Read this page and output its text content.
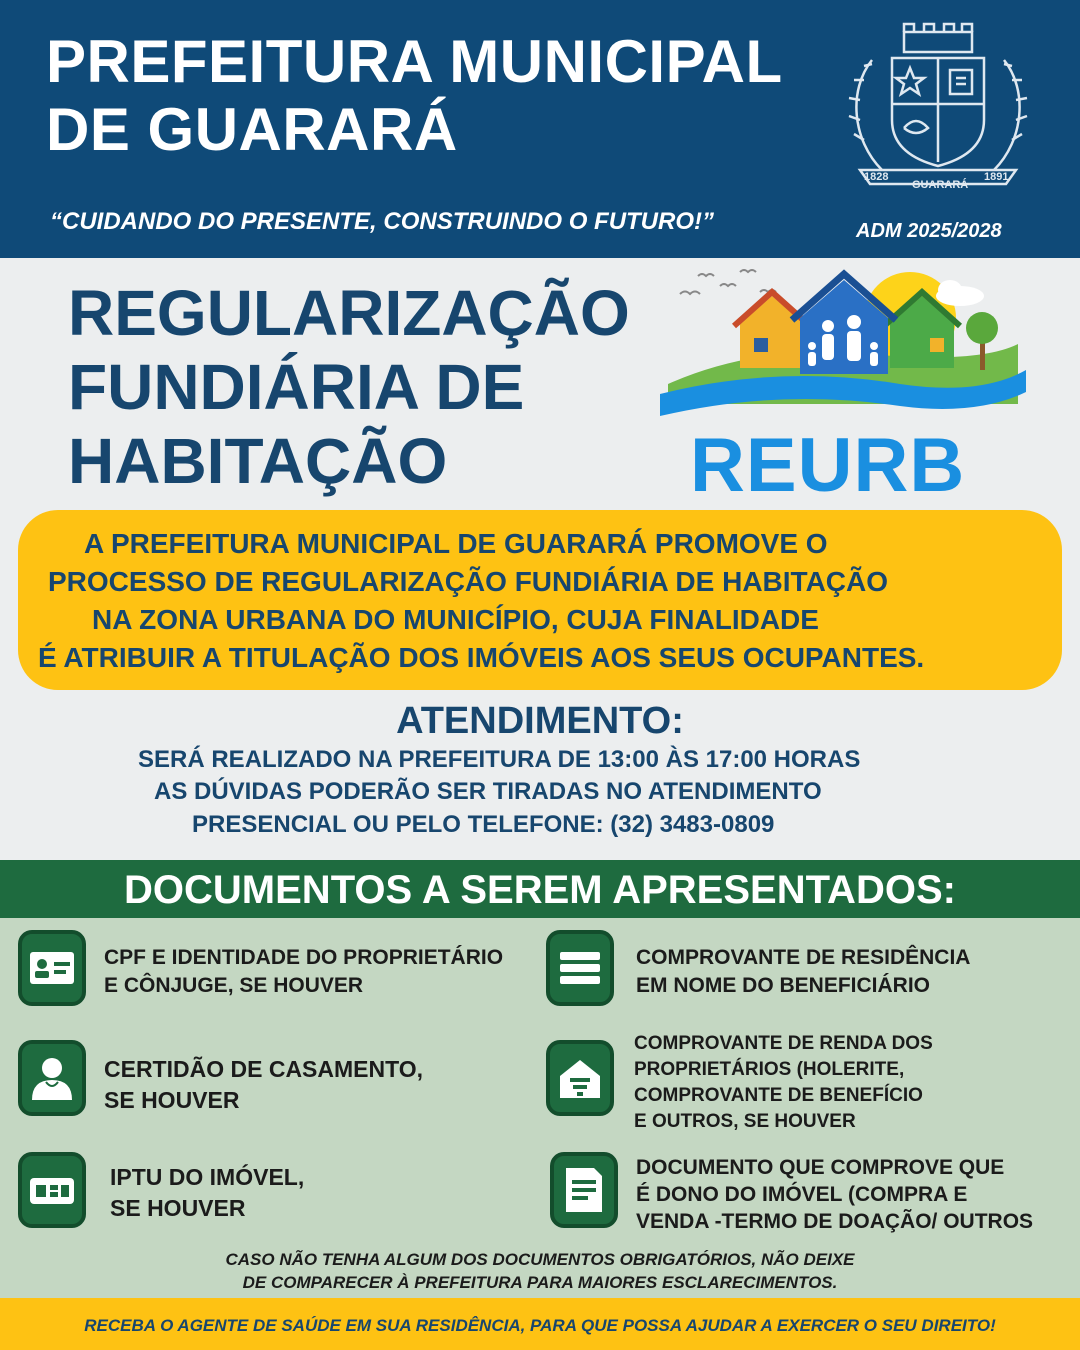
PREFEITURA MUNICIPAL
DE GUARARÁ
“CUIDANDO DO PRESENTE, CONSTRUINDO O FUTURO!”	ADM 2025/2028
1828
GUARARÁ
1891
REGULARIZAÇÃO
FUNDIÁRIA DE
HABITAÇÃO	REURB

A PREFEITURA MUNICIPAL DE GUARARÁ PROMOVE O

PROCESSO DE REGULARIZAÇÃO FUNDIÁRIA DE HABITAÇÃO

NA ZONA URBANA DO MUNICÍPIO, CUJA FINALIDADE

É ATRIBUIR A TITULAÇÃO DOS IMÓVEIS AOS SEUS OCUPANTES.

ATENDIMENTO:
SERÁ REALIZADO NA PREFEITURA DE 13:00 ÀS 17:00 HORAS
AS DÚVIDAS PODERÃO SER TIRADAS NO ATENDIMENTO
PRESENCIAL OU PELO TELEFONE: (32) 3483-0809
DOCUMENTOS A SEREM APRESENTADOS:
CPF E IDENTIDADE DO PROPRIETÁRIO
E CÔNJUGE, SE HOUVER
COMPROVANTE DE RESIDÊNCIA
EM NOME DO BENEFICIÁRIO
CERTIDÃO DE CASAMENTO,
SE HOUVER
COMPROVANTE DE RENDA DOS
PROPRIETÁRIOS (HOLERITE,
COMPROVANTE DE BENEFÍCIO
E OUTROS, SE HOUVER
IPTU DO IMÓVEL,
SE HOUVER
DOCUMENTO QUE COMPROVE QUE
É DONO DO IMÓVEL (COMPRA E
VENDA -TERMO DE DOAÇÃO/ OUTROS
CASO NÃO TENHA ALGUM DOS DOCUMENTOS OBRIGATÓRIOS, NÃO DEIXE
DE COMPARECER À PREFEITURA PARA MAIORES ESCLARECIMENTOS.
RECEBA O AGENTE DE SAÚDE EM SUA RESIDÊNCIA, PARA QUE POSSA AJUDAR A EXERCER O SEU DIREITO!
